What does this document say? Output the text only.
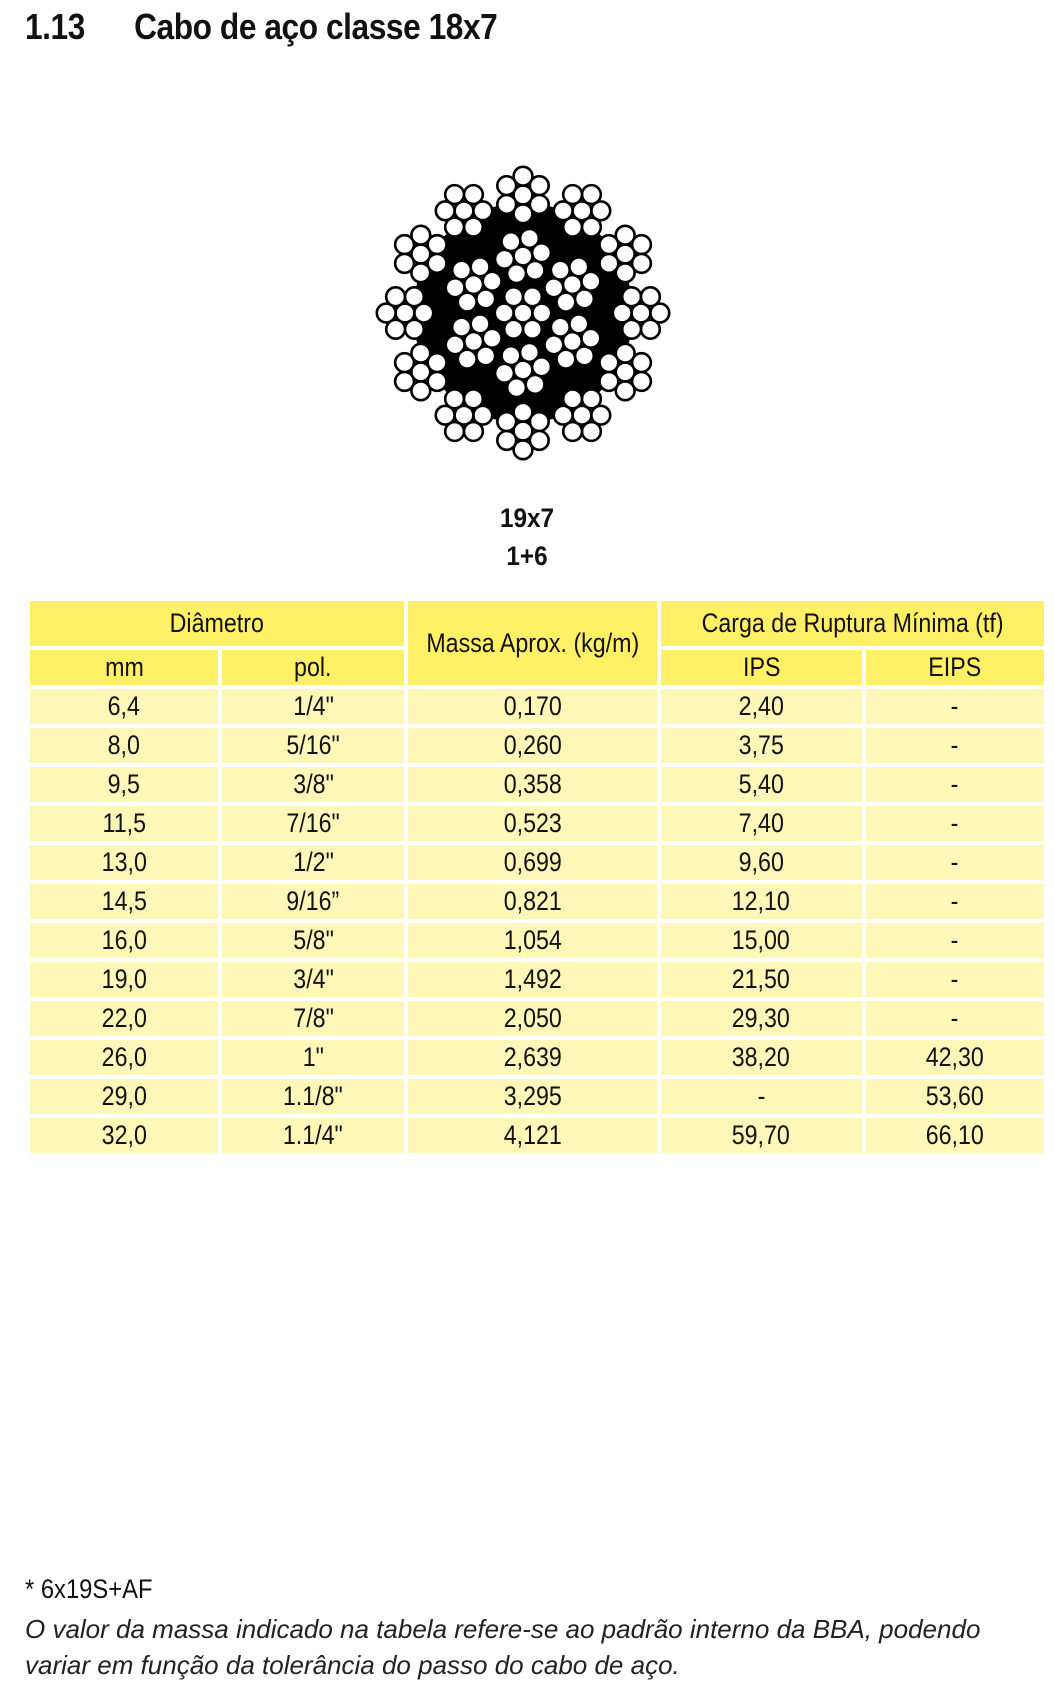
1.13 Cabo de aço classe 18x7
19x7
1+6
Diâmetro		Massa Aprox. (kg/m)	Carga de Ruptura Mínima (tf)	
mm	pol.		IPS	EIPS
6,4	1/4"	0,170	2,40	-
8,0	5/16"	0,260	3,75	-
9,5	3/8"	0,358	5,40	-
11,5	7/16"	0,523	7,40	-
13,0	1/2"	0,699	9,60	-
14,5	9/16”	0,821	12,10	-
16,0	5/8"	1,054	15,00	-
19,0	3/4"	1,492	21,50	-
22,0	7/8"	2,050	29,30	-
26,0	1"	2,639	38,20	42,30
29,0	1.1/8"	3,295	-	53,60
32,0	1.1/4"	4,121	59,70	66,10
* 6x19S+AF
O valor da massa indicado na tabela refere-se ao padrão interno da BBA, podendo
variar em função da tolerância do passo do cabo de aço.
